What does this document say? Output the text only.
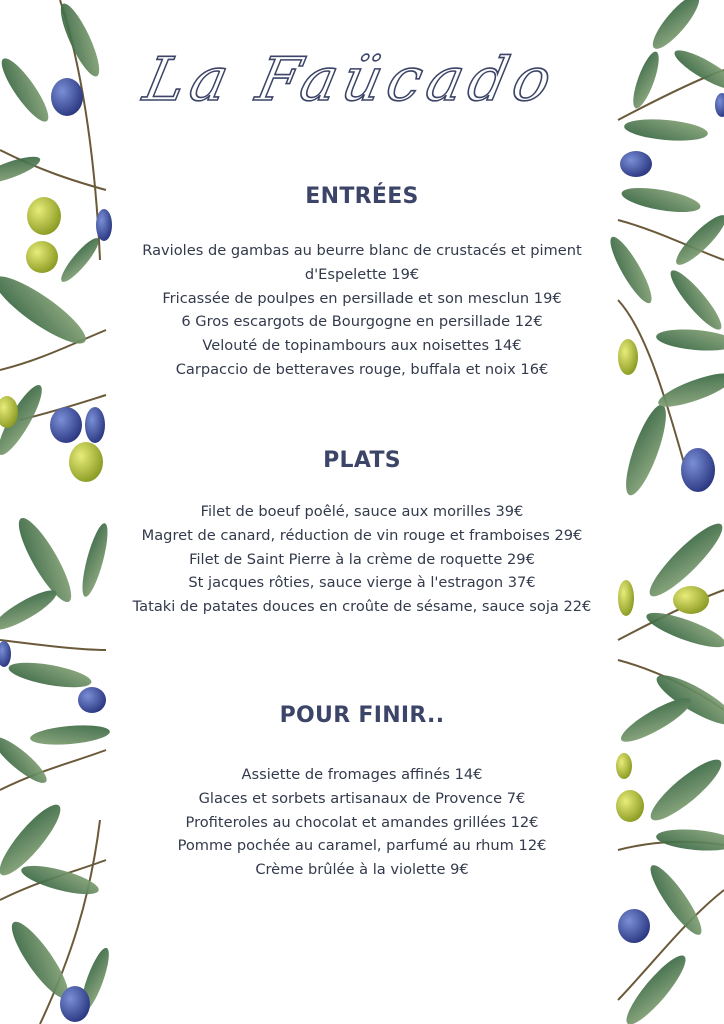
La Faücado
ENTRÉES
Ravioles de gambas au beurre blanc de crustacés et piment d'Espelette 19€
Fricassée de poulpes en persillade et son mesclun 19€
6 Gros escargots de Bourgogne en persillade 12€
Velouté de topinambours aux noisettes 14€
Carpaccio de betteraves rouge, buffala et noix 16€
PLATS
Filet de boeuf poêlé, sauce aux morilles 39€
Magret de canard, réduction de vin rouge et framboises 29€
Filet de Saint Pierre à la crème de roquette 29€
St jacques rôties, sauce vierge à l'estragon 37€
Tataki de patates douces en croûte de sésame, sauce soja 22€
POUR FINIR..
Assiette de fromages affinés 14€
Glaces et sorbets artisanaux de Provence 7€
Profiteroles au chocolat et amandes grillées 12€
Pomme pochée au caramel, parfumé au rhum 12€
Crème brûlée à la violette 9€
